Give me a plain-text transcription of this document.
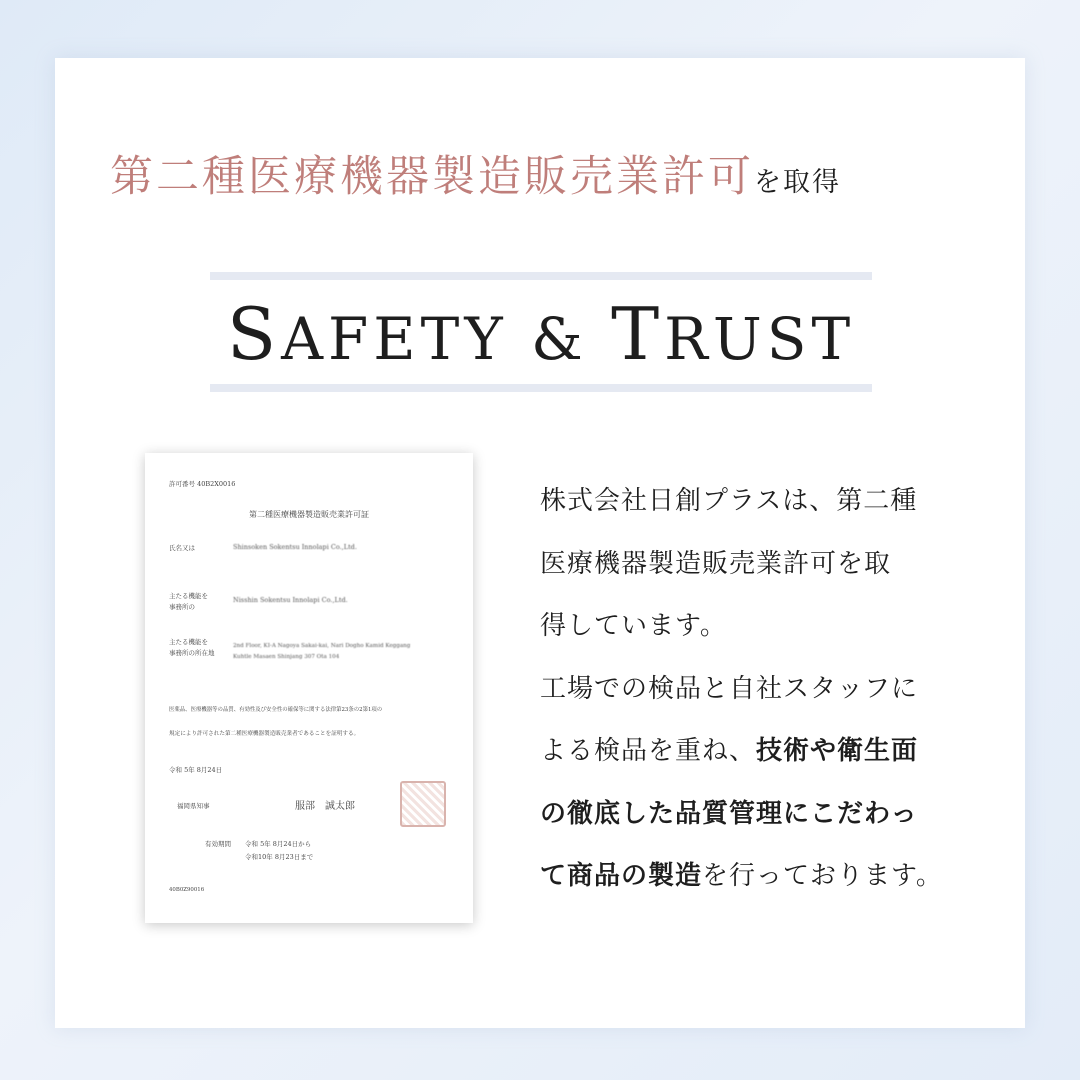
第二種医療機器製造販売業許可を取得
SAFETY & TRUST
許可番号 40B2X0016
第二種医療機器製造販売業許可証
氏名又は	Shinsoken Sokentsu Innolapi Co.,Ltd.
主たる機能を
事務所の
Nisshin Sokentsu Innolapi Co.,Ltd.
主たる機能を
事務所の所在地
2nd Floor, KI-A Nagoya Sakai-kai, Nari Dogho Kamid Keggang
Kuhtle Masaen Shinjang 307 Ota 104
医薬品、医療機器等の品質、有効性及び安全性の確保等に関する法律第23条の2第1項の
規定により許可された第二種医療機器製造販売業者であることを証明する。
令和 5年 8月24日
福岡県知事	服部　誠太郎
有効期間 令和 5年 8月24日から
令和10年 8月23日まで
40B0Z90016

株式会社日創プラスは、第二種

医療機器製造販売業許可を取

得しています。

工場での検品と自社スタッフに

よる検品を重ね、技術や衛生面

の徹底した品質管理にこだわっ

て商品の製造を行っております。
